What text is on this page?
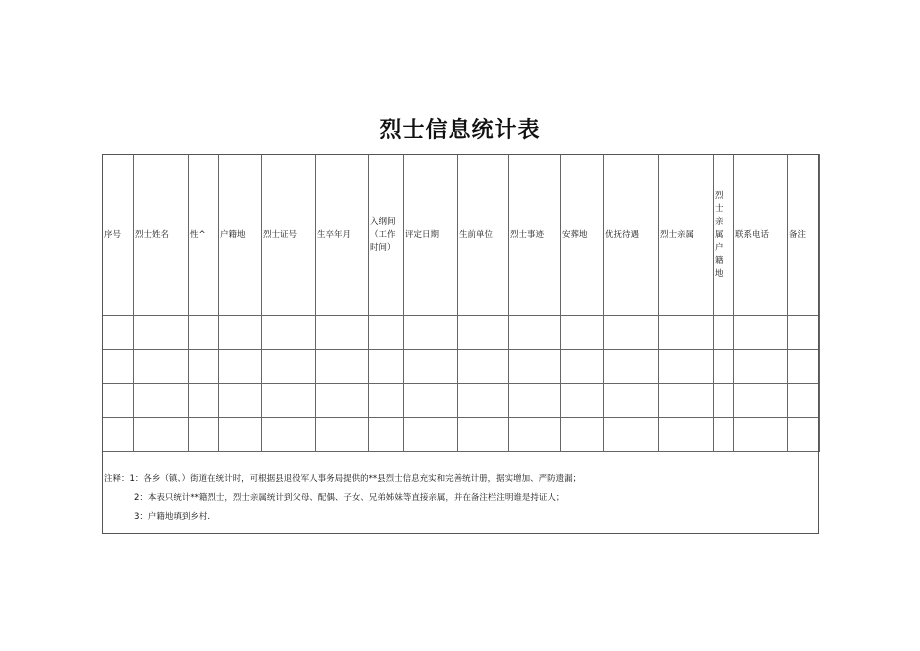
烈士信息统计表
序号	烈士姓名	性^	户籍地	烈士证号	生卒年月	入纲间（工作时间）	评定日期	生前单位	烈士事迹	安葬地	优抚待遇	烈士亲属	烈士亲属户籍地	联系电话	备注

注释：1：各乡（镇、）街道在统计时，可根据县退役军人事务局提供的**县烈士信息充实和完善统计册，据实增加、严防遗漏；
2：本表只统计**籍烈士，烈士亲属统计到父母、配偶、子女、兄弟姊妹等直接亲属，并在备注栏注明谁是持证人；
3：户籍地填到乡村.
